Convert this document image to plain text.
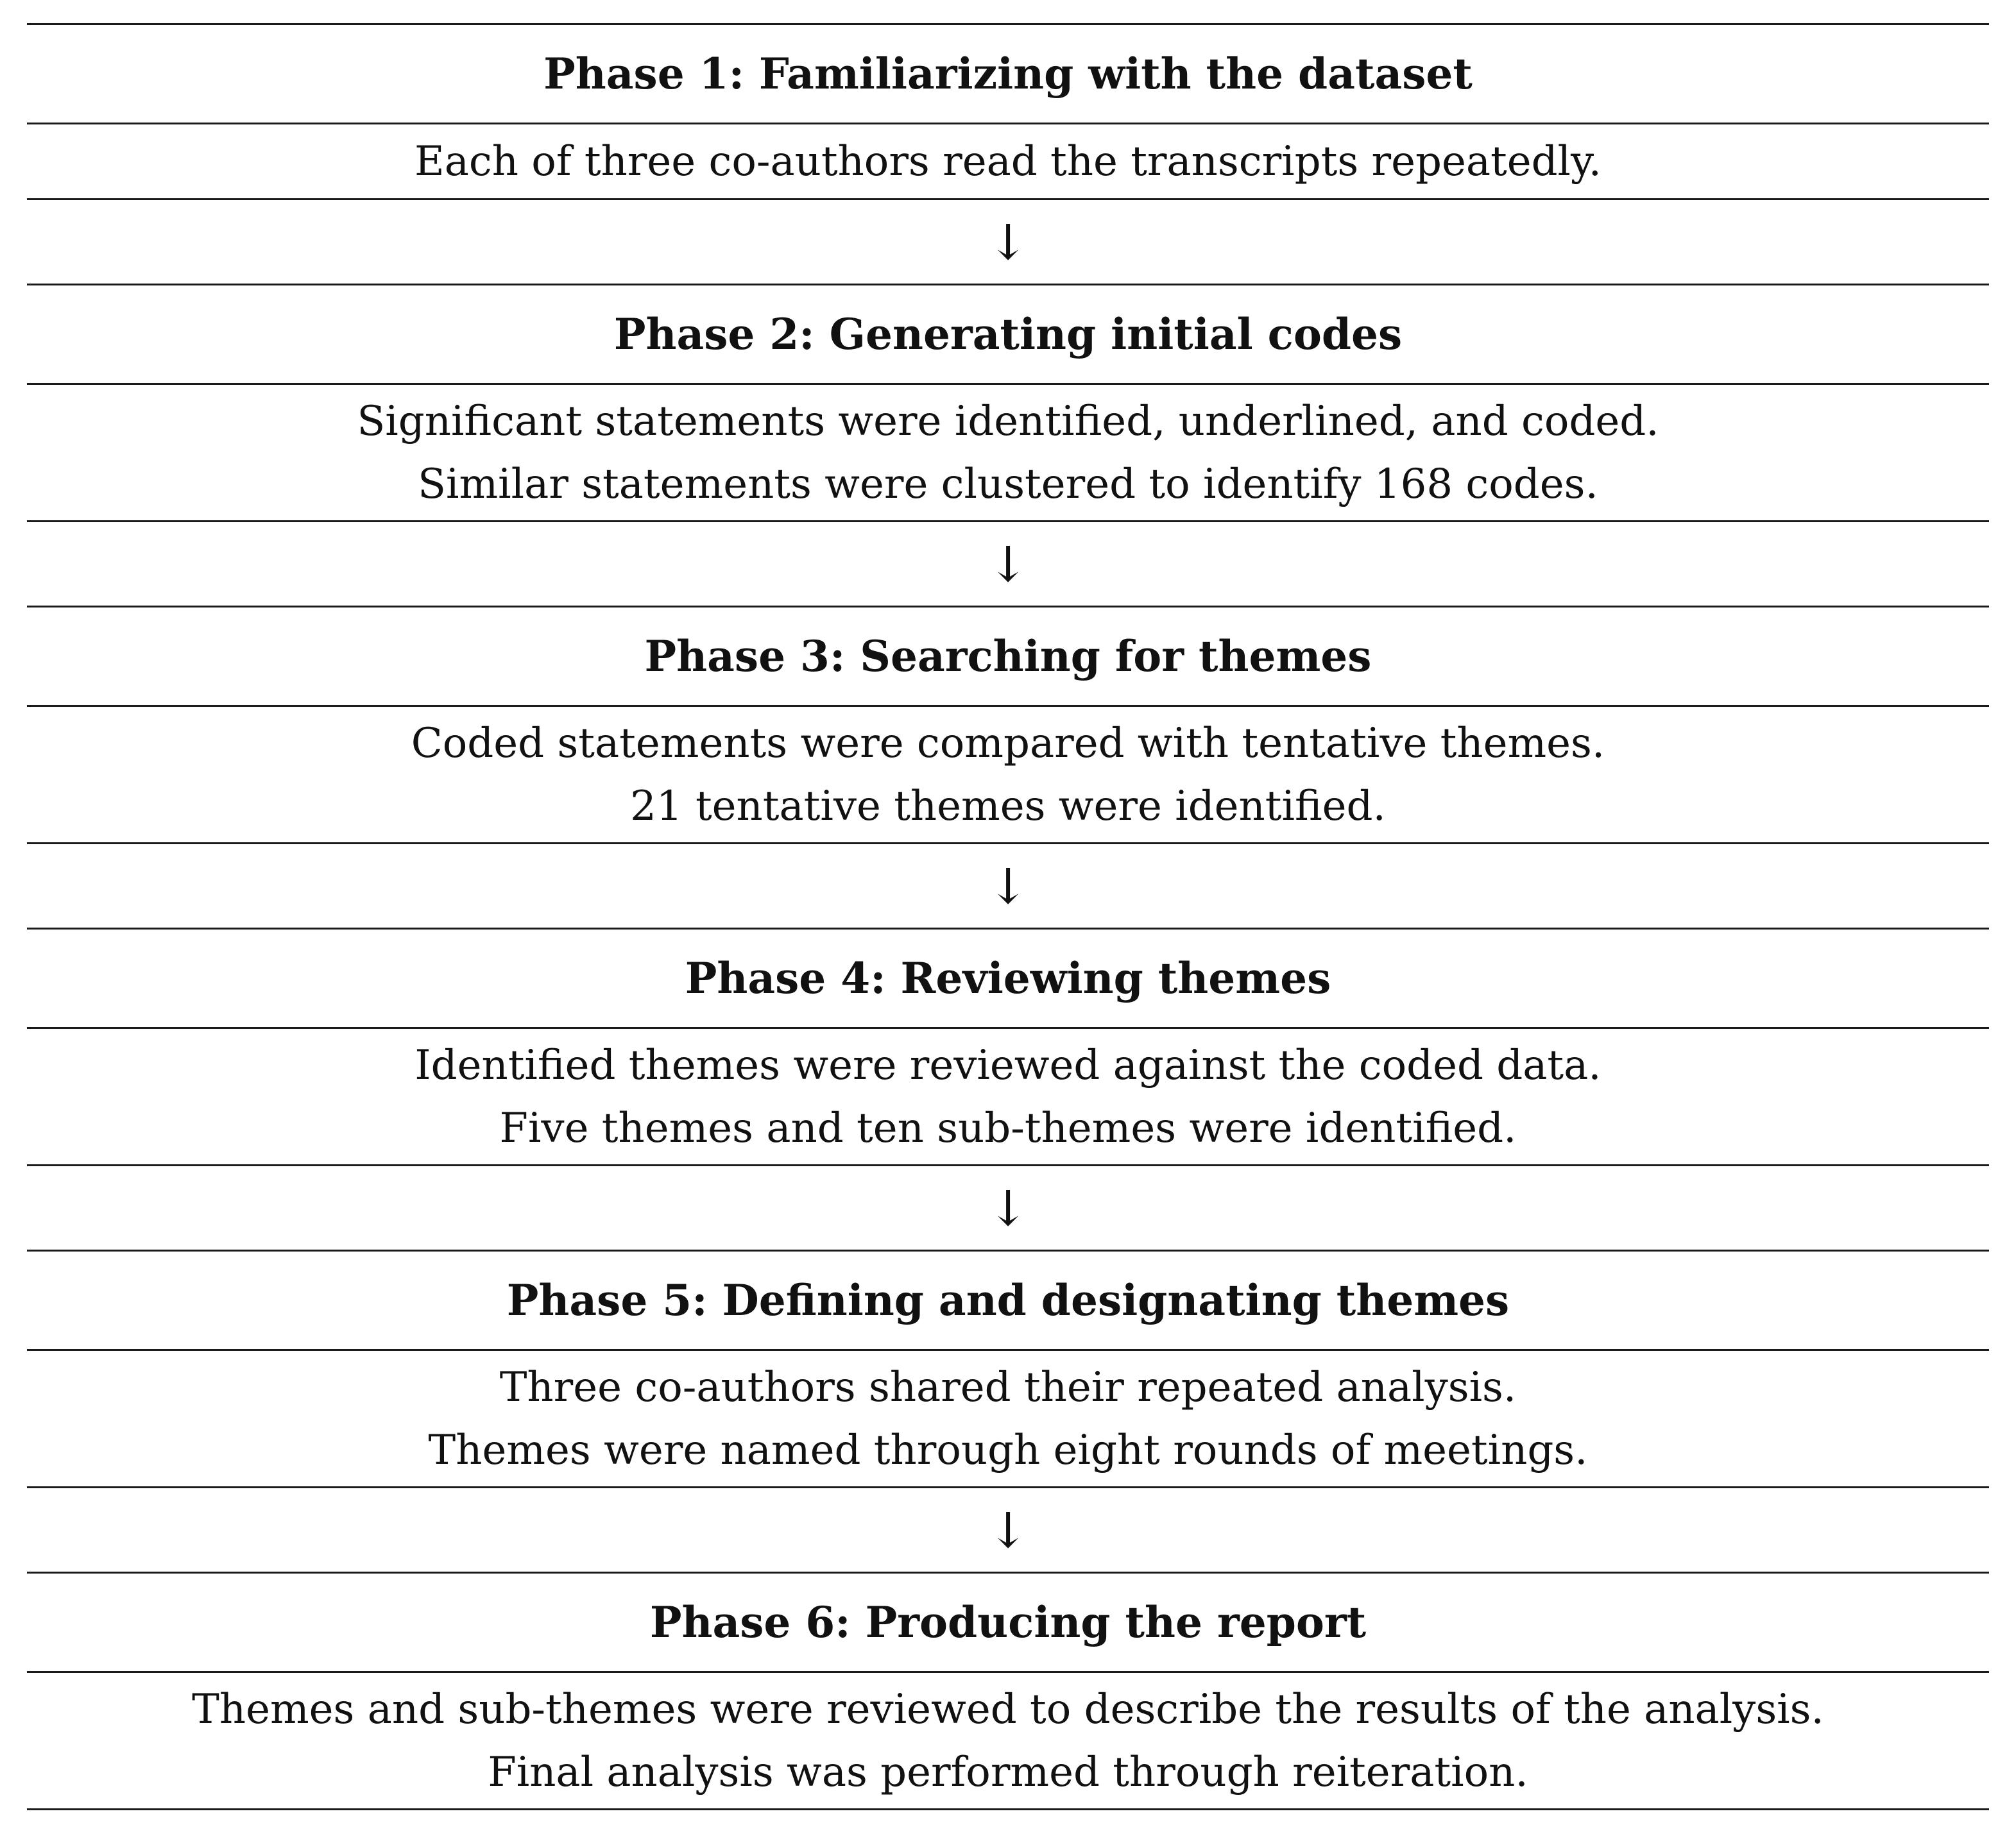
Phase 1: Familiarizing with the dataset
Each of three co-authors read the transcripts repeatedly.
↓
Phase 2: Generating initial codes
Significant statements were identified, underlined, and coded.
Similar statements were clustered to identify 168 codes.
↓
Phase 3: Searching for themes
Coded statements were compared with tentative themes.
21 tentative themes were identified.
↓
Phase 4: Reviewing themes
Identified themes were reviewed against the coded data.
Five themes and ten sub-themes were identified.
↓
Phase 5: Defining and designating themes
Three co-authors shared their repeated analysis.
Themes were named through eight rounds of meetings.
↓
Phase 6: Producing the report
Themes and sub-themes were reviewed to describe the results of the analysis.
Final analysis was performed through reiteration.
